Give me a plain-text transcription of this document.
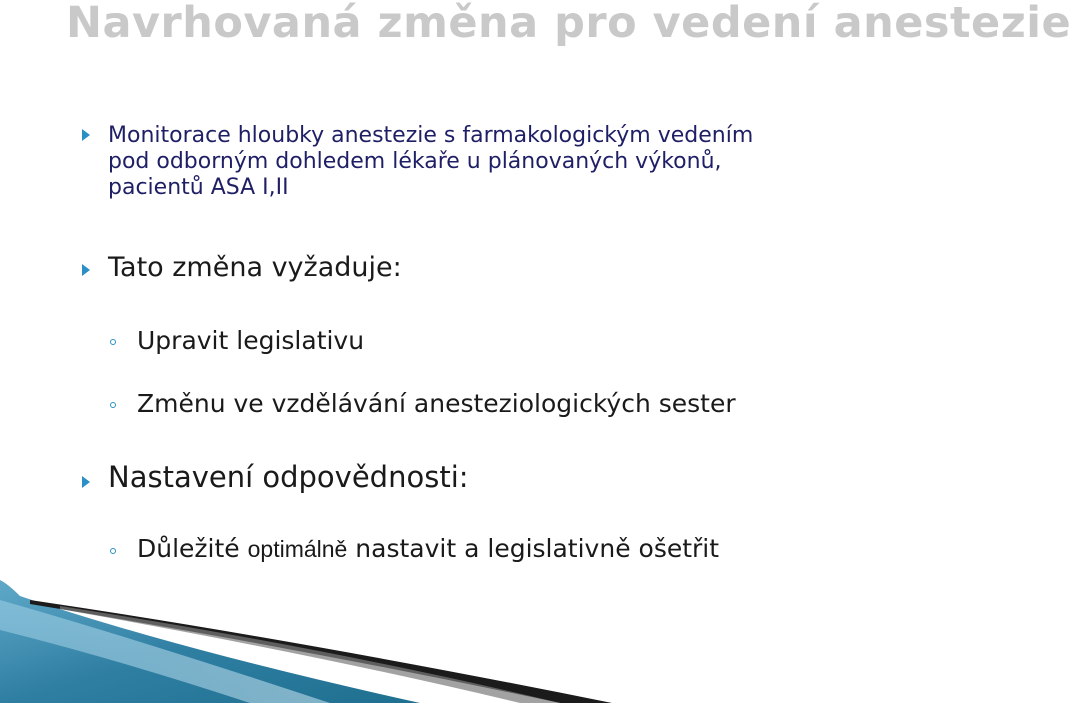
Navrhovaná změna pro vedení anestezie
Monitorace hloubky anestezie s farmakologickým vedením
pod odborným dohledem lékaře u plánovaných výkonů,
pacientů ASA I,II
Tato změna vyžaduje:
Upravit legislativu
Změnu ve vzdělávání anesteziologických sester
Nastavení odpovědnosti:
Důležité optimálně nastavit a legislativně ošetřit
